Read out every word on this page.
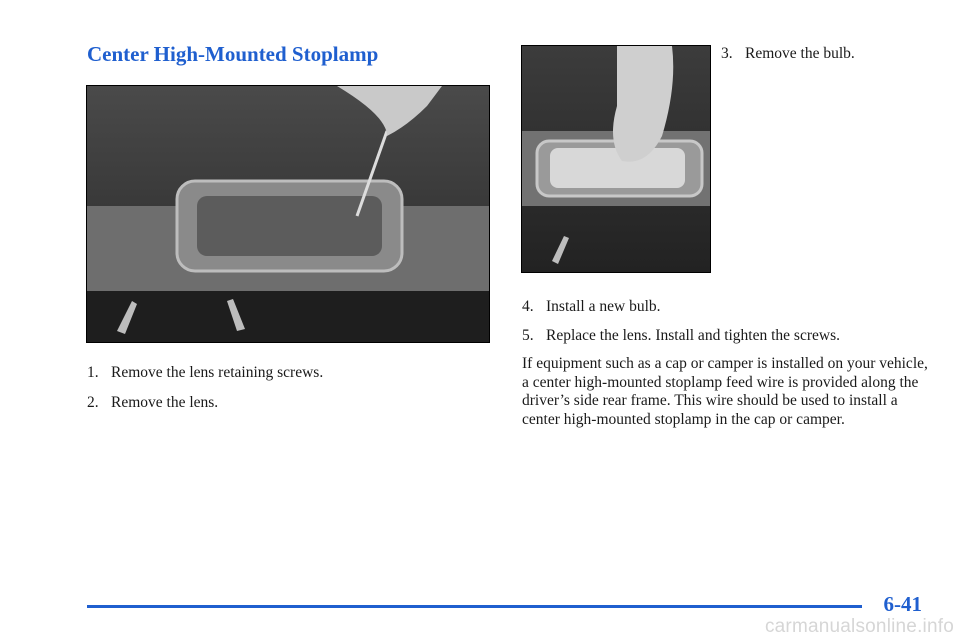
Center High-Mounted Stoplamp

1. Remove the lens retaining screws.

2. Remove the lens.

3. Remove the bulb.

4. Install a new bulb.

5. Replace the lens. Install and tighten the screws.

If equipment such as a cap or camper is installed on your vehicle, a center high-mounted stoplamp feed wire is provided along the driver’s side rear frame. This wire should be used to install a center high-mounted stoplamp in the cap or camper.

6-41
carmanualsonline.info
